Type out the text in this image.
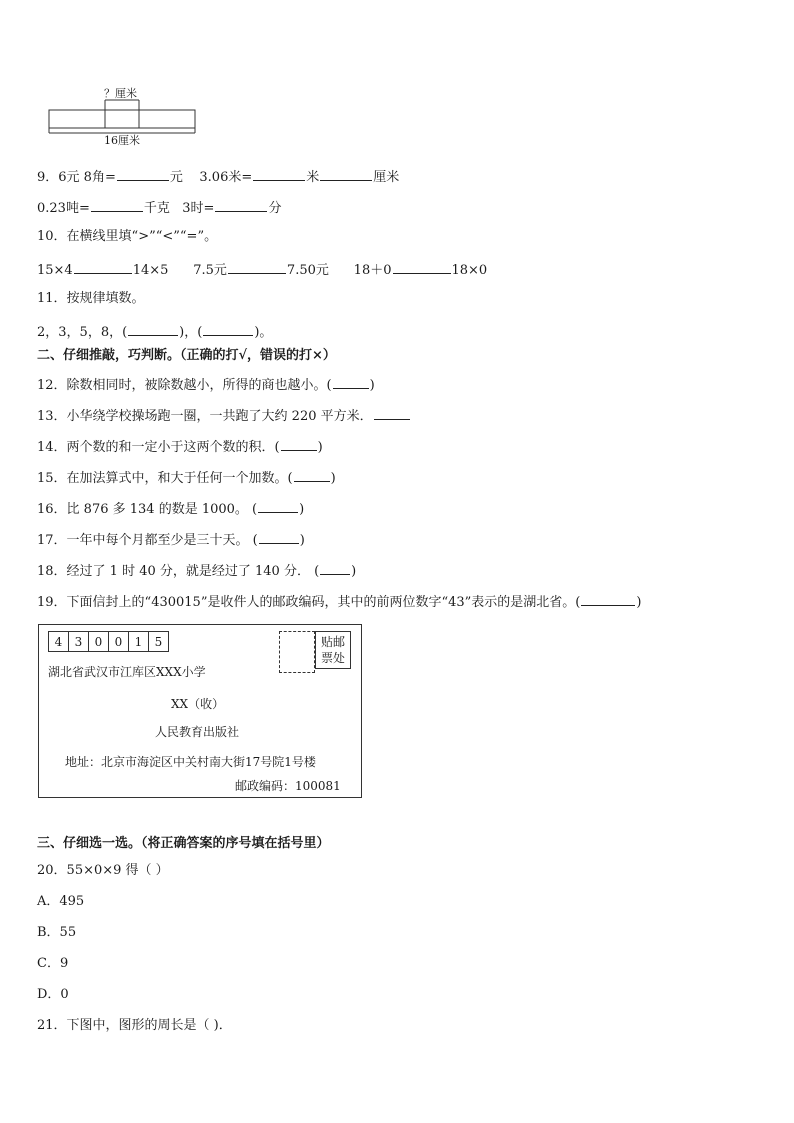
？厘米
16厘米
9．6元 8角=	元 3.06米=	米	厘米
0.23吨=	千克 3时=	分
10．在横线里填“>”“<”“=”。
15×4	14×5 7.5元	7.50元 18＋0	18×0
11．按规律填数。
2，3，5，8，(	)，(	)。
二、仔细推敲，巧判断。（正确的打√，错误的打×）
12．除数相同时，被除数越小，所得的商也越小。(	)
13．小华绕学校操场跑一圈，一共跑了大约 220 平方米．
14．两个数的和一定小于这两个数的积．(	)
15．在加法算式中，和大于任何一个加数。(	)
16．比 876 多 134 的数是 1000。 (	)
17．一年中每个月都至少是三十天。 (	)
18．经过了 1 时 40 分，就是经过了 140 分． ( )
19．下面信封上的“430015”是收件人的邮政编码，其中的前两位数字“43”表示的是湖北省。(	)
4	3	0	0	1	5	贴邮
票处
湖北省武汉市江库区XXX小学
XX（收）
人民教育出版社
地址：北京市海淀区中关村南大街17号院1号楼
邮政编码：100081
三、仔细选一选。（将正确答案的序号填在括号里）
20．55×0×9 得（ ）
A．495
B．55
C．9
D．0
21．下图中，图形的周长是（ )．
